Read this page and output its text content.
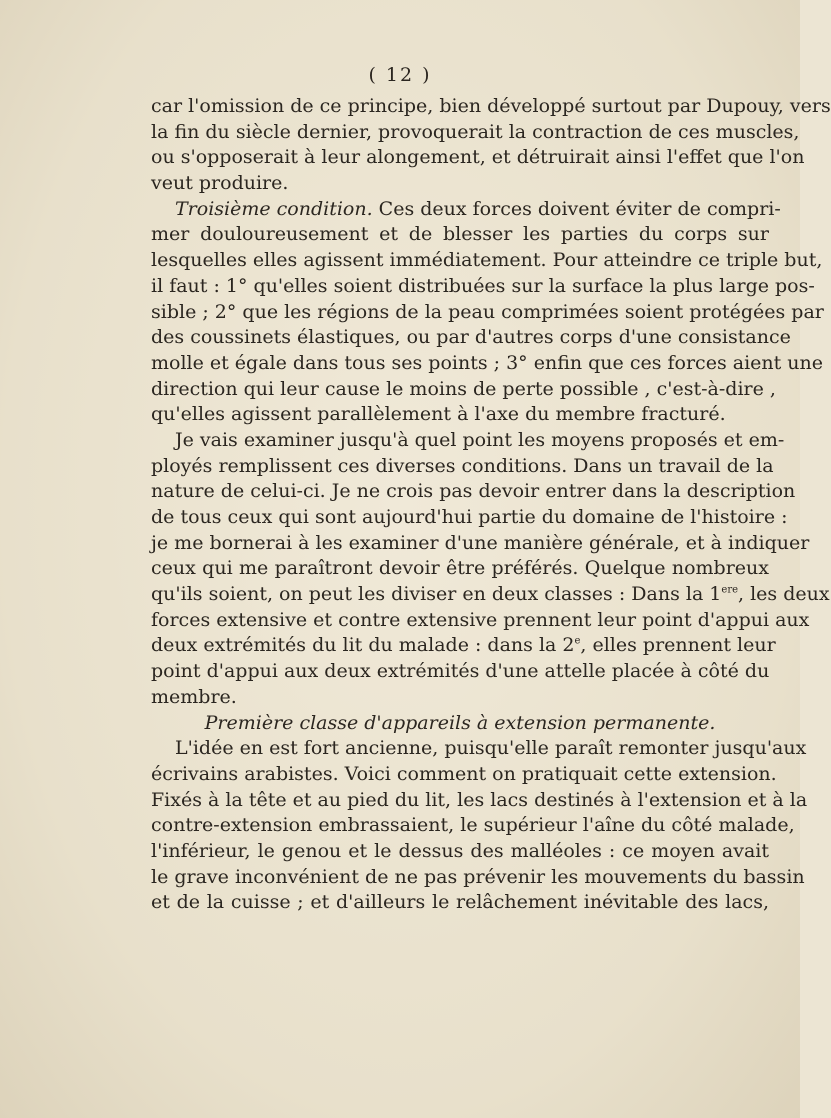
( 12 )
car l'omission de ce principe, bien développé surtout par Dupouy, vers
la fin du siècle dernier, provoquerait la contraction de ces muscles,
ou s'opposerait à leur alongement, et détruirait ainsi l'effet que l'on
veut produire.
Troisième condition. Ces deux forces doivent éviter de compri-
mer douloureusement et de blesser les parties du corps sur
lesquelles elles agissent immédiatement. Pour atteindre ce triple but,
il faut : 1° qu'elles soient distribuées sur la surface la plus large pos-
sible ; 2° que les régions de la peau comprimées soient protégées par
des coussinets élastiques, ou par d'autres corps d'une consistance
molle et égale dans tous ses points ; 3° enfin que ces forces aient une
direction qui leur cause le moins de perte possible , c'est-à-dire ,
qu'elles agissent parallèlement à l'axe du membre fracturé.
Je vais examiner jusqu'à quel point les moyens proposés et em-
ployés remplissent ces diverses conditions. Dans un travail de la
nature de celui-ci. Je ne crois pas devoir entrer dans la description
de tous ceux qui sont aujourd'hui partie du domaine de l'histoire :
je me bornerai à les examiner d'une manière générale, et à indiquer
ceux qui me paraîtront devoir être préférés. Quelque nombreux
qu'ils soient, on peut les diviser en deux classes : Dans la 1ere, les deux
forces extensive et contre extensive prennent leur point d'appui aux
deux extrémités du lit du malade : dans la 2e, elles prennent leur
point d'appui aux deux extrémités d'une attelle placée à côté du
membre.
Première classe d'appareils à extension permanente.
L'idée en est fort ancienne, puisqu'elle paraît remonter jusqu'aux
écrivains arabistes. Voici comment on pratiquait cette extension.
Fixés à la tête et au pied du lit, les lacs destinés à l'extension et à la
contre-extension embrassaient, le supérieur l'aîne du côté malade,
l'inférieur, le genou et le dessus des malléoles : ce moyen avait
le grave inconvénient de ne pas prévenir les mouvements du bassin
et de la cuisse ; et d'ailleurs le relâchement inévitable des lacs,
